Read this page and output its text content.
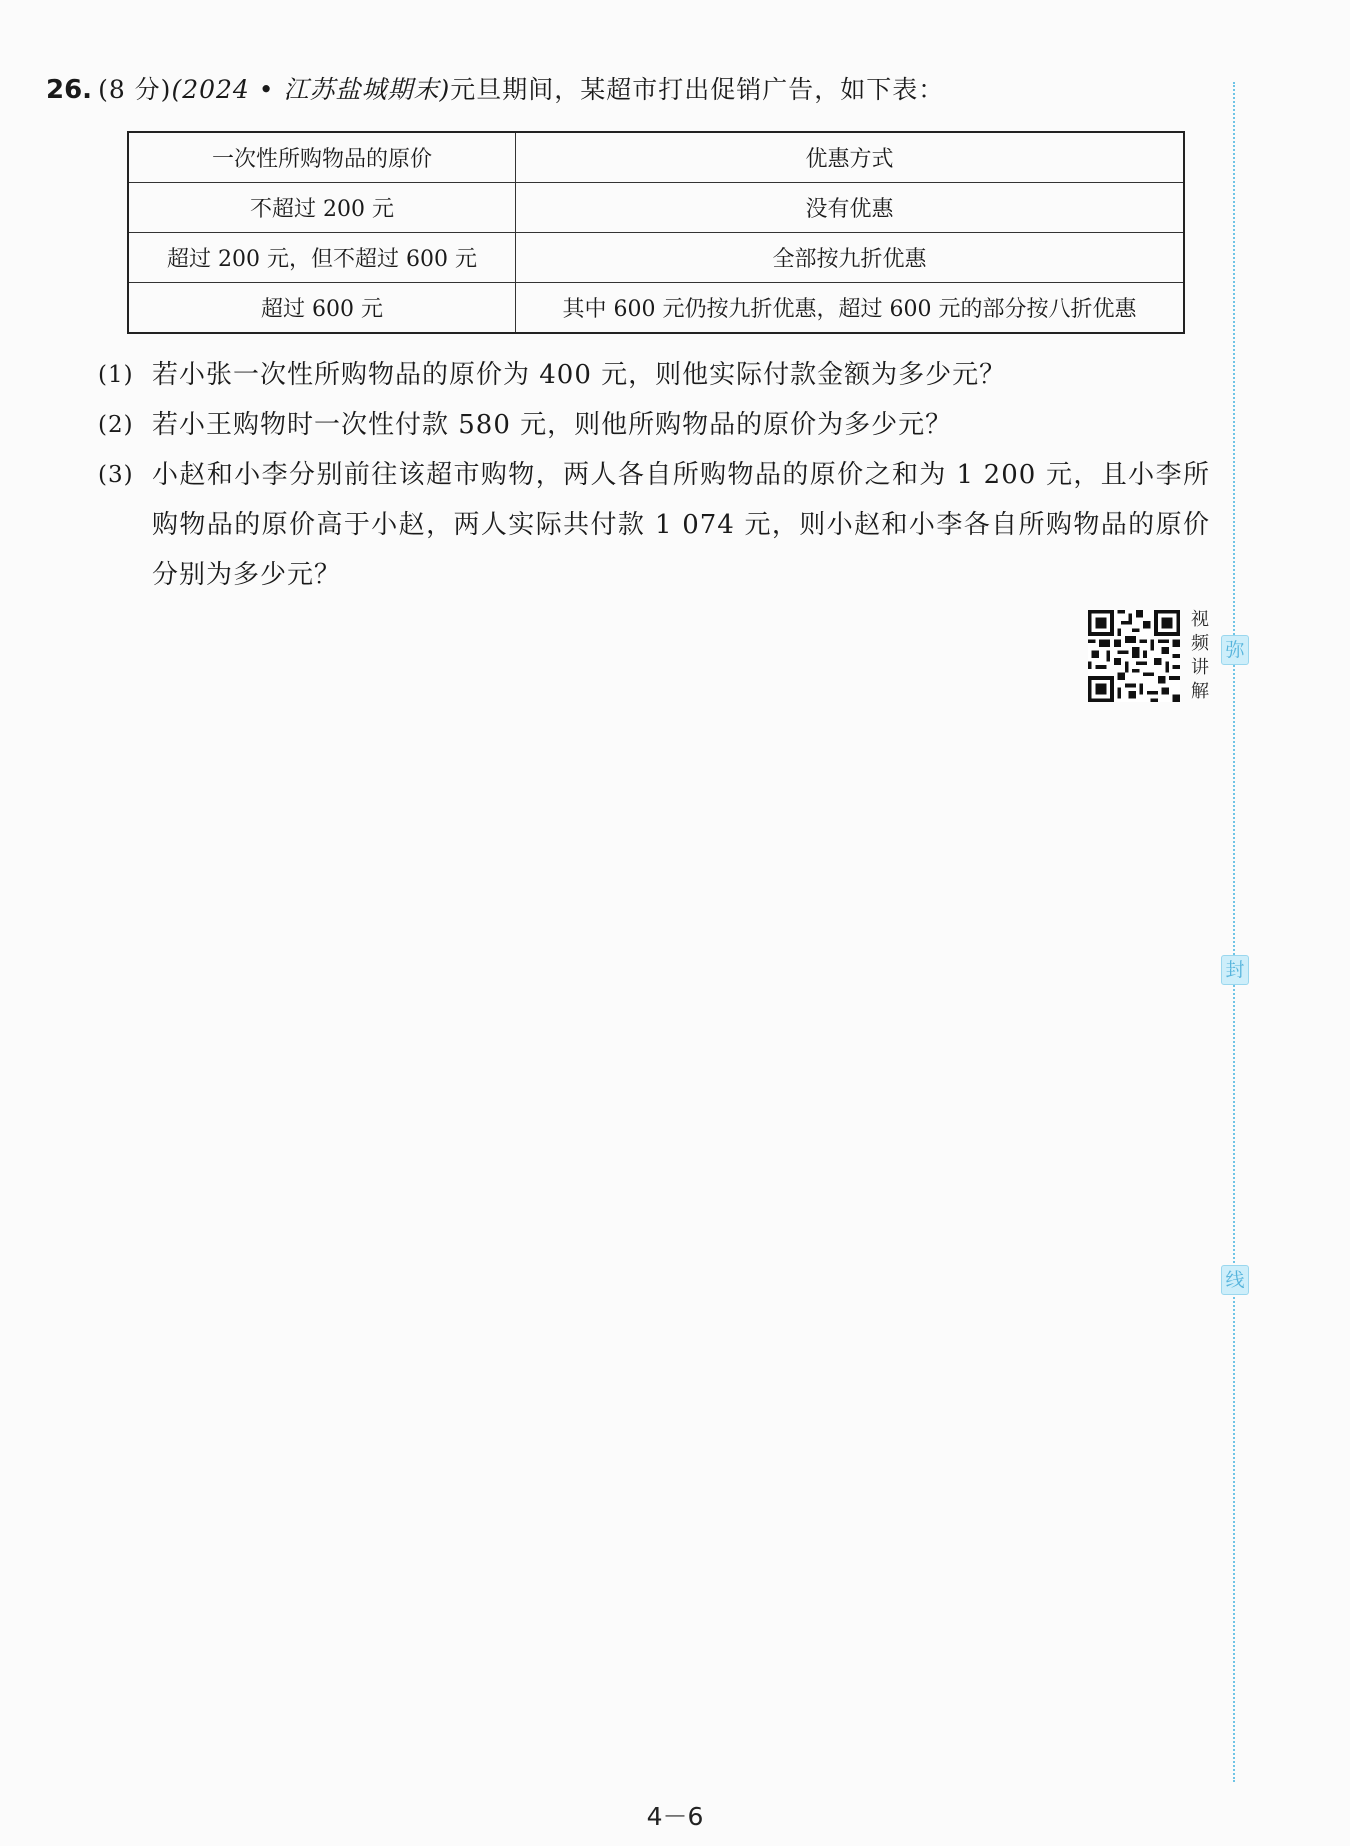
26. (8 分)(2024 • 江苏盐城期末)元旦期间，某超市打出促销广告，如下表：
一次性所购物品的原价	优惠方式
不超过 200 元	没有优惠
超过 200 元，但不超过 600 元	全部按九折优惠
超过 600 元	其中 600 元仍按九折优惠，超过 600 元的部分按八折优惠
(1) 若小张一次性所购物品的原价为 400 元，则他实际付款金额为多少元？
(2) 若小王购物时一次性付款 580 元，则他所购物品的原价为多少元？
(3) 小赵和小李分别前往该超市购物，两人各自所购物品的原价之和为 1 200 元，且小李所购物品的原价高于小赵，两人实际共付款 1 074 元，则小赵和小李各自所购物品的原价分别为多少元？
视
频
讲
解
弥
封
线
4－6
